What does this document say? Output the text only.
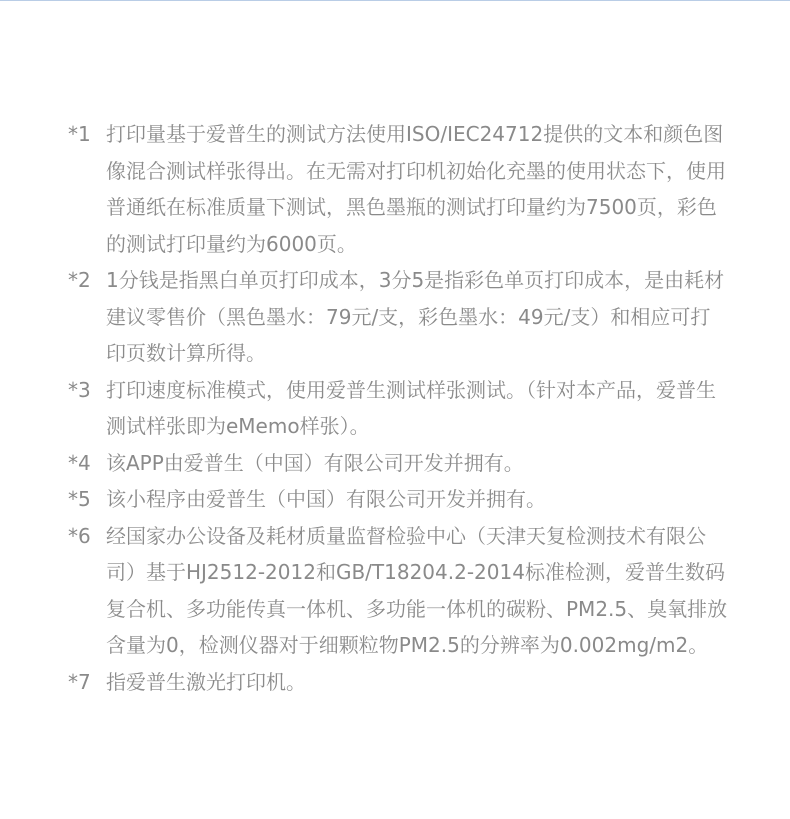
*1 打印量基于爱普生的测试方法使用ISO/IEC24712提供的文本和颜色图像混合测试样张得出。在无需对打印机初始化充墨的使用状态下，使用普通纸在标准质量下测试，黑色墨瓶的测试打印量约为7500页，彩色的测试打印量约为6000页。
*2 1分钱是指黑白单页打印成本，3分5是指彩色单页打印成本，是由耗材建议零售价（黑色墨水：79元/支，彩色墨水：49元/支）和相应可打印页数计算所得。
*3 打印速度标准模式，使用爱普生测试样张测试。（针对本产品，爱普生测试样张即为eMemo样张）。
*4 该APP由爱普生（中国）有限公司开发并拥有。
*5 该小程序由爱普生（中国）有限公司开发并拥有。
*6 经国家办公设备及耗材质量监督检验中心（天津天复检测技术有限公司）基于HJ2512-2012和GB/T18204.2-2014标准检测，爱普生数码复合机、多功能传真一体机、多功能一体机的碳粉、PM2.5、臭氧排放含量为0，检测仪器对于细颗粒物PM2.5的分辨率为0.002mg/m2。
*7 指爱普生激光打印机。
